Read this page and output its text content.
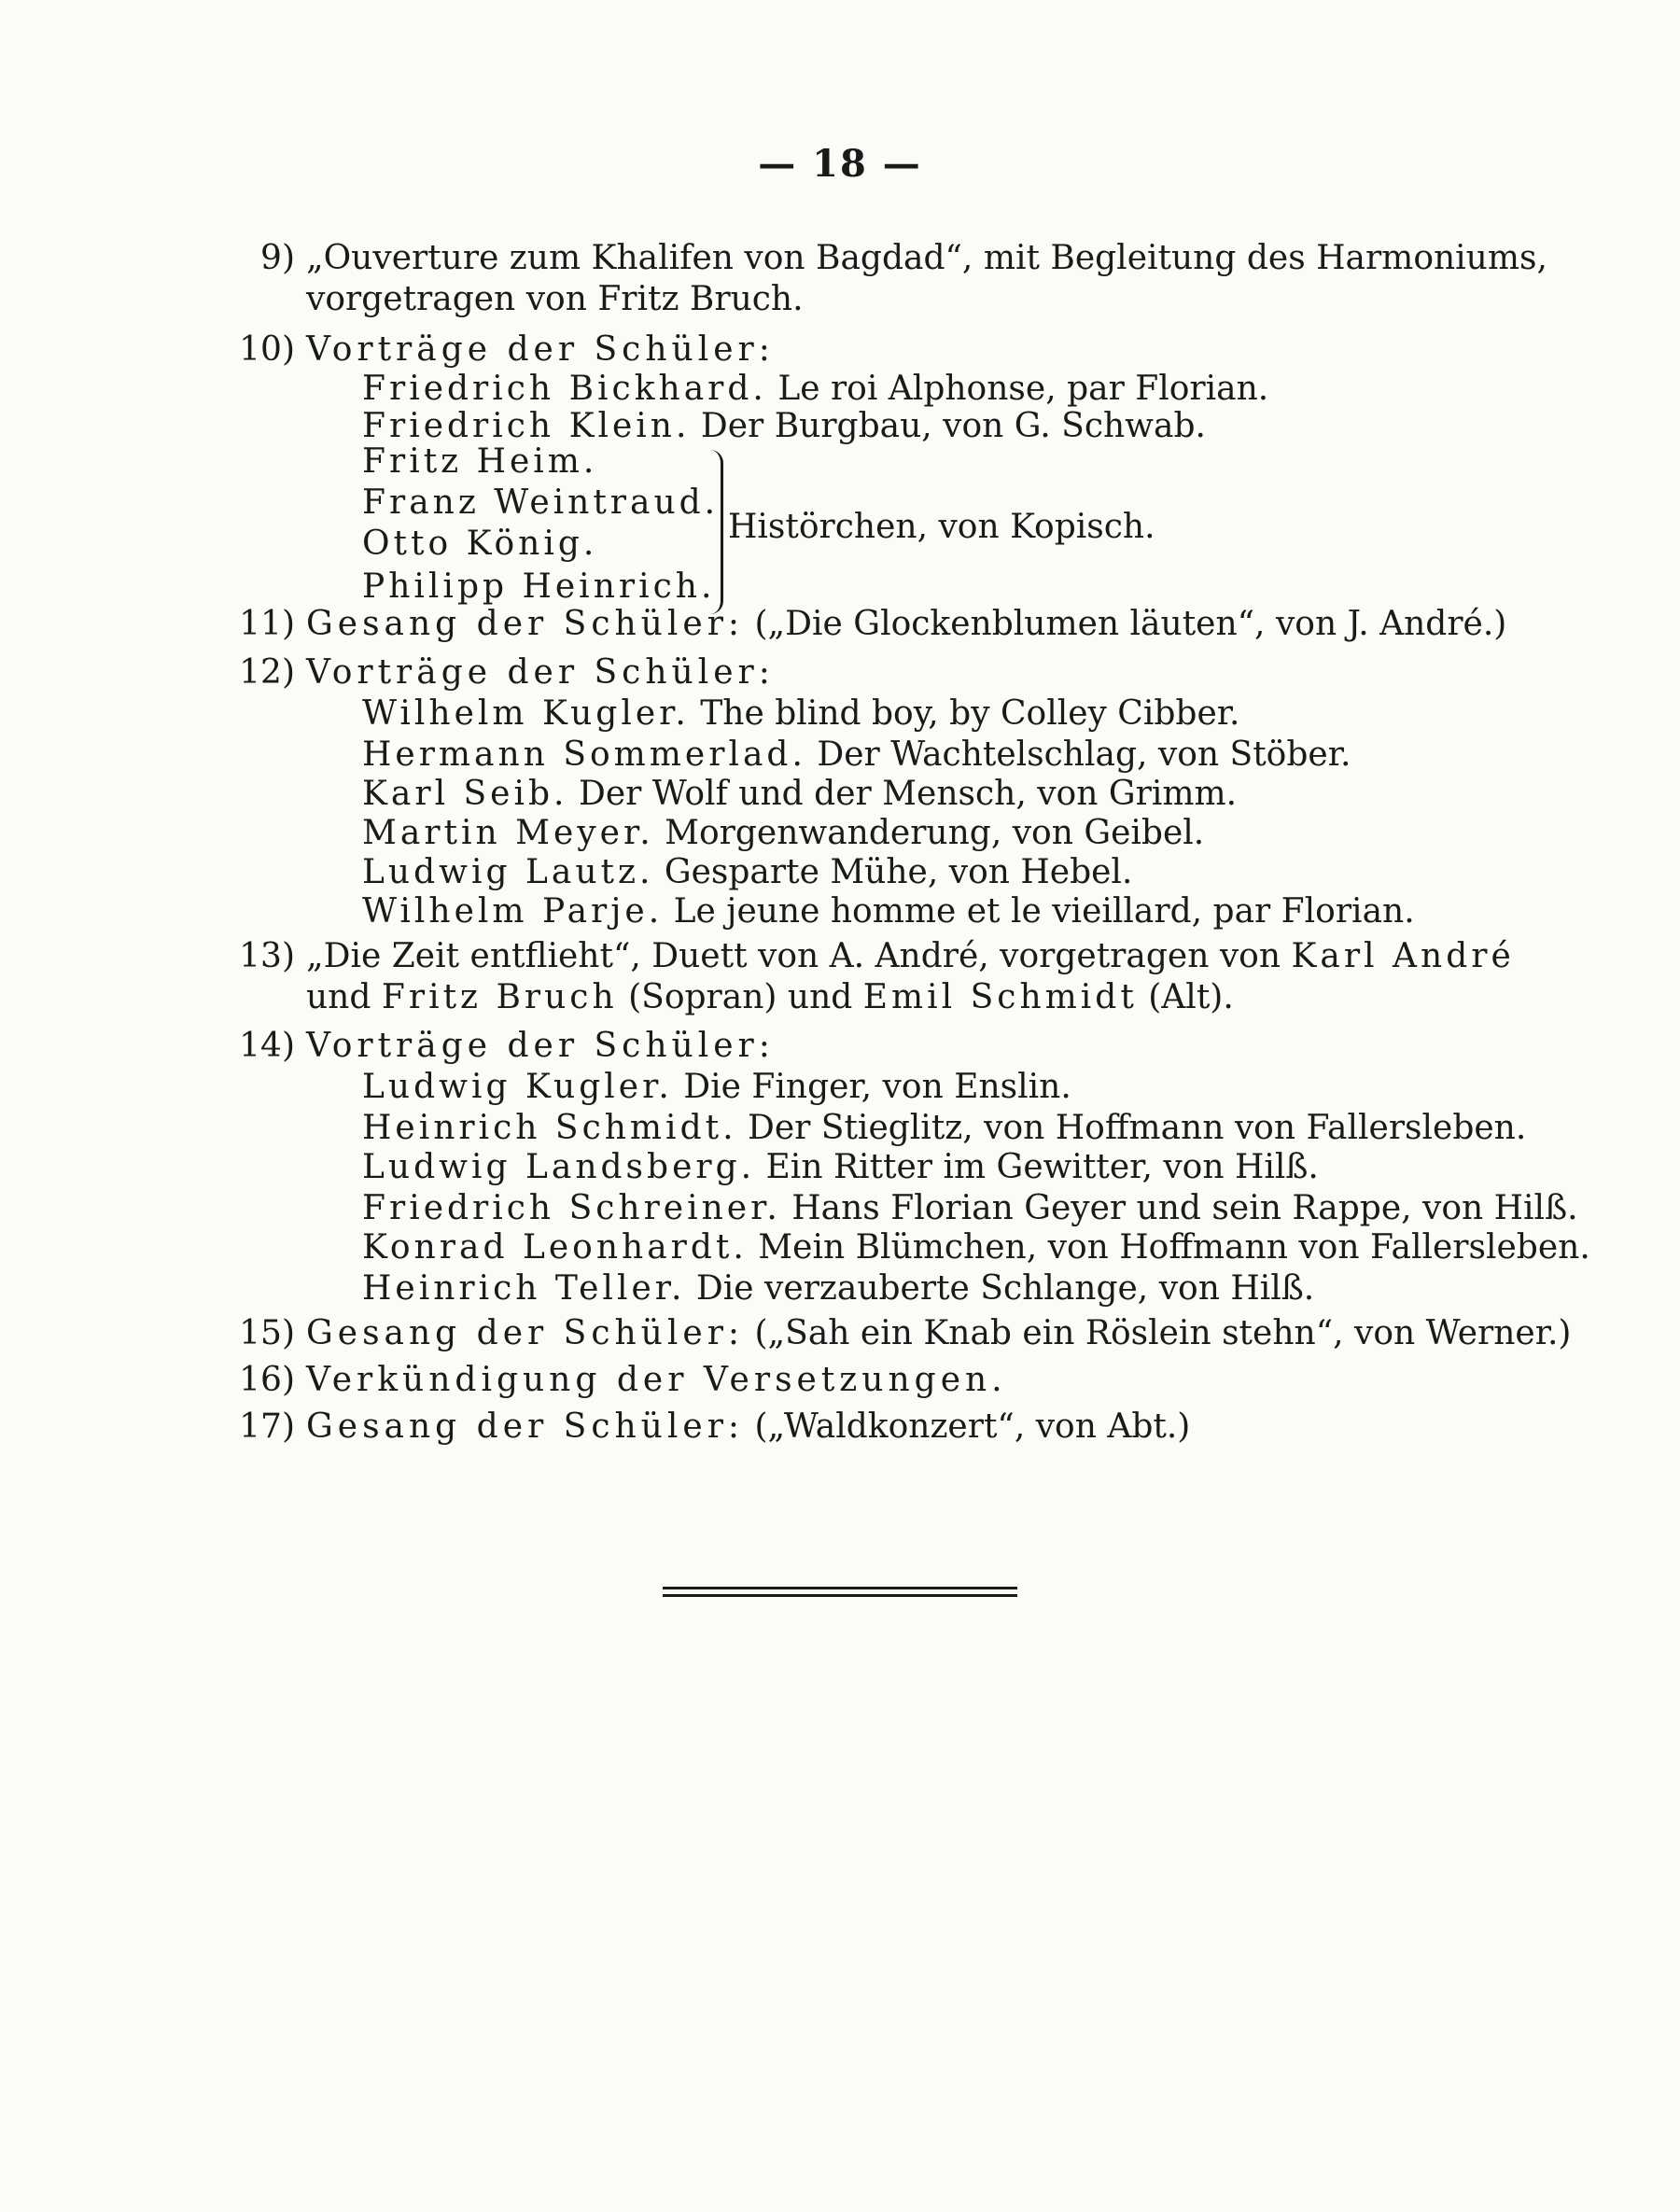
— 18 —
9) „Ouverture zum Khalifen von Bagdad“, mit Begleitung des Harmoniums,
vorgetragen von Fritz Bruch.
10) Vorträge der Schüler:
Friedrich Bickhard. Le roi Alphonse, par Florian.
Friedrich Klein. Der Burgbau, von G. Schwab.
Fritz Heim.
Franz Weintraud.
Otto König.
Philipp Heinrich.
Histörchen, von Kopisch.
11) Gesang der Schüler: („Die Glockenblumen läuten“, von J. André.)
12) Vorträge der Schüler:
Wilhelm Kugler. The blind boy, by Colley Cibber.
Hermann Sommerlad. Der Wachtelschlag, von Stöber.
Karl Seib. Der Wolf und der Mensch, von Grimm.
Martin Meyer. Morgenwanderung, von Geibel.
Ludwig Lautz. Gesparte Mühe, von Hebel.
Wilhelm Parje. Le jeune homme et le vieillard, par Florian.
13) „Die Zeit entflieht“, Duett von A. André, vorgetragen von Karl André
und Fritz Bruch (Sopran) und Emil Schmidt (Alt).
14) Vorträge der Schüler:
Ludwig Kugler. Die Finger, von Enslin.
Heinrich Schmidt. Der Stieglitz, von Hoffmann von Fallersleben.
Ludwig Landsberg. Ein Ritter im Gewitter, von Hilß.
Friedrich Schreiner. Hans Florian Geyer und sein Rappe, von Hilß.
Konrad Leonhardt. Mein Blümchen, von Hoffmann von Fallersleben.
Heinrich Teller. Die verzauberte Schlange, von Hilß.
15) Gesang der Schüler: („Sah ein Knab ein Röslein stehn“, von Werner.)
16) Verkündigung der Versetzungen.
17) Gesang der Schüler: („Waldkonzert“, von Abt.)
